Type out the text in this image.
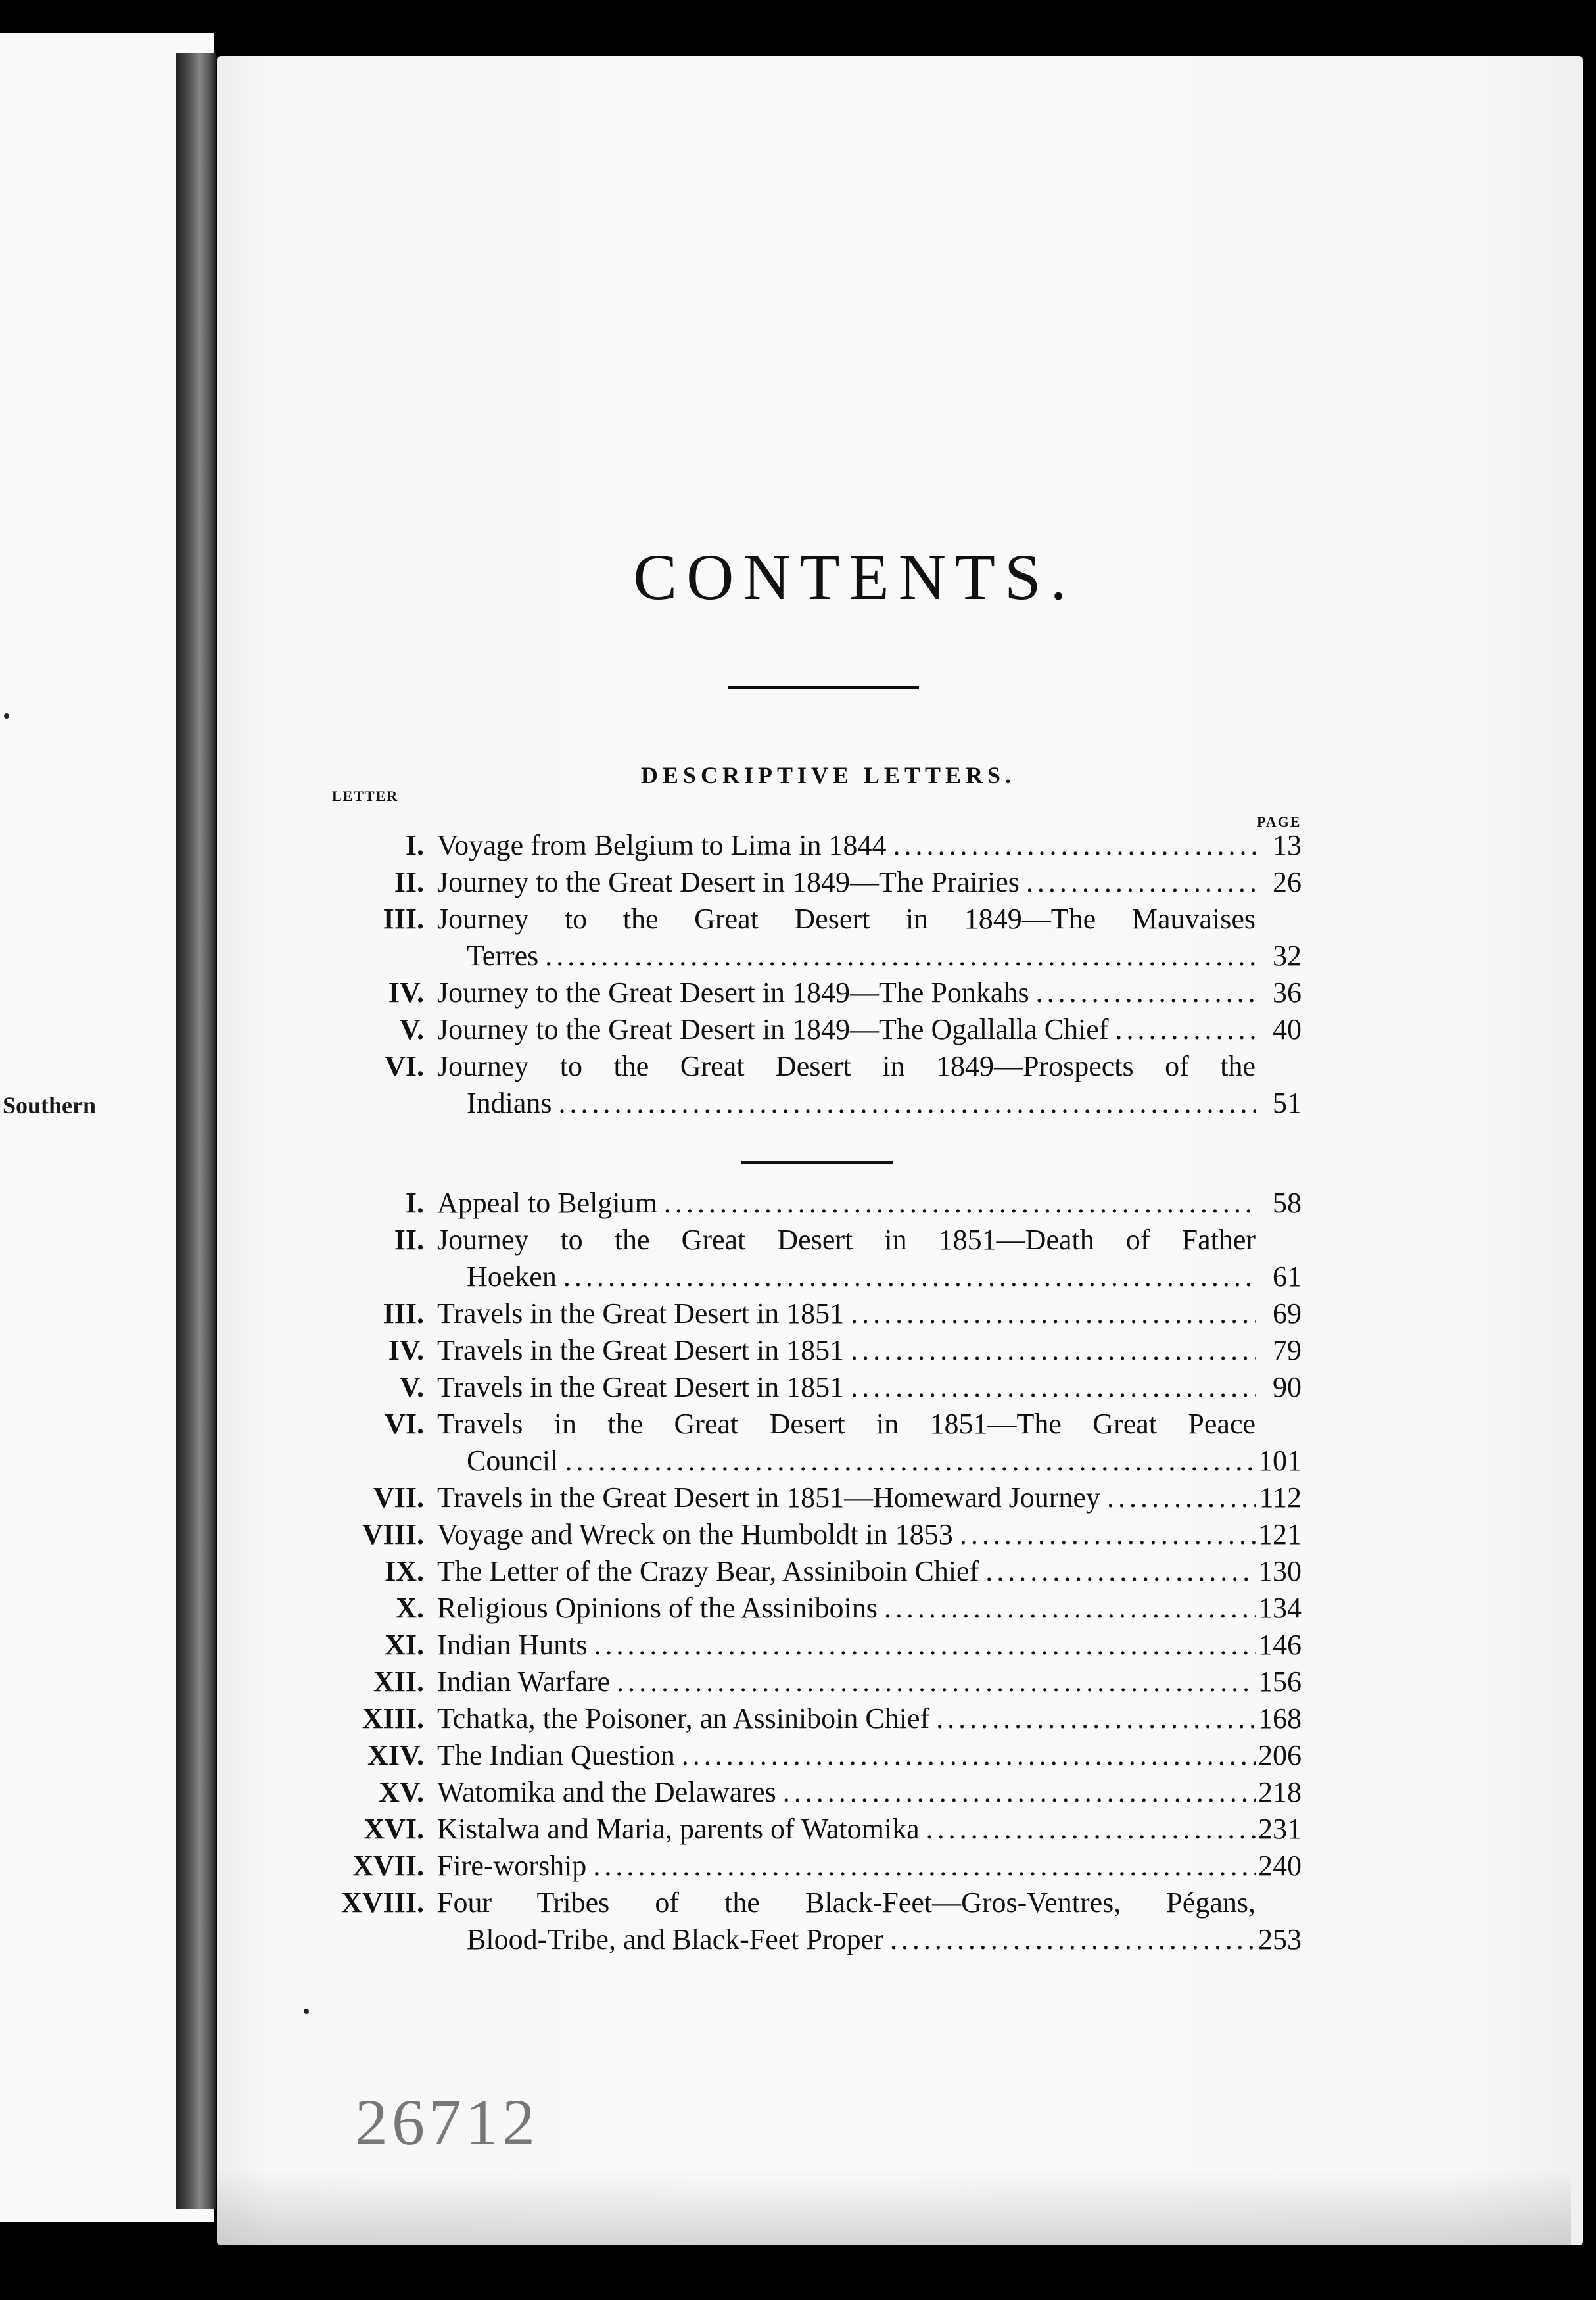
Southern
CONTENTS.
DESCRIPTIVE LETTERS.
LETTER
PAGE
I. Voyage from Belgium to Lima in 1844 .....	13
II. Journey to the Great Desert in 1849—The Prairies .....	26
III. Journey to the Great Desert in 1849—The Mauvaises
Terres .....	32
IV. Journey to the Great Desert in 1849—The Ponkahs .....	36
V. Journey to the Great Desert in 1849—The Ogallalla Chief .....	40
VI. Journey to the Great Desert in 1849—Prospects of the
Indians .....	51
I. Appeal to Belgium .....	58
II. Journey to the Great Desert in 1851—Death of Father
Hoeken .....	61
III. Travels in the Great Desert in 1851 .....	69
IV. Travels in the Great Desert in 1851 .....	79
V. Travels in the Great Desert in 1851 .....	90
VI. Travels in the Great Desert in 1851—The Great Peace
Council .....	101
VII. Travels in the Great Desert in 1851—Homeward Journey .....	112
VIII. Voyage and Wreck on the Humboldt in 1853 .....	121
IX. The Letter of the Crazy Bear, Assiniboin Chief .....	130
X. Religious Opinions of the Assiniboins .....	134
XI. Indian Hunts .....	146
XII. Indian Warfare .....	156
XIII. Tchatka, the Poisoner, an Assiniboin Chief .....	168
XIV. The Indian Question .....	206
XV. Watomika and the Delawares .....	218
XVI. Kistalwa and Maria, parents of Watomika .....	231
XVII. Fire-worship .....	240
XVIII. Four Tribes of the Black-Feet—Gros-Ventres, Pégans,
Blood-Tribe, and Black-Feet Proper .....	253
26712
